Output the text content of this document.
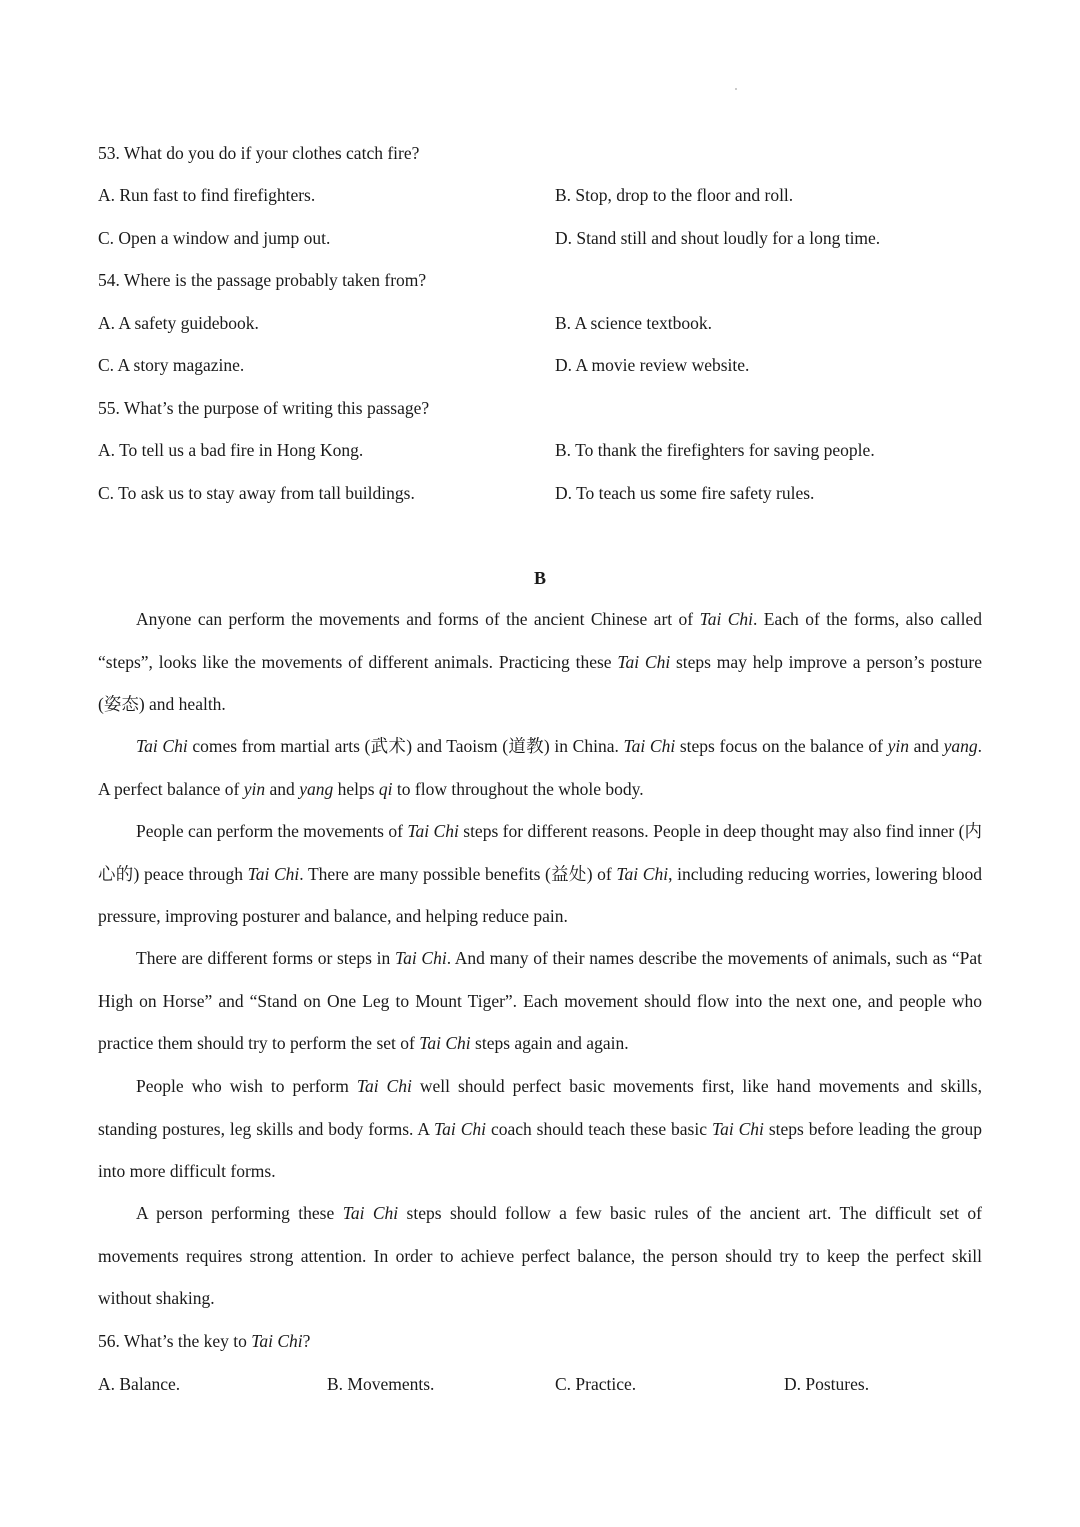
53. What do you do if your clothes catch fire?
A. Run fast to find firefighters.	B. Stop, drop to the floor and roll.
C. Open a window and jump out.	D. Stand still and shout loudly for a long time.
54. Where is the passage probably taken from?
A. A safety guidebook.	B. A science textbook.
C. A story magazine.	D. A movie review website.
55. What’s the purpose of writing this passage?
A. To tell us a bad fire in Hong Kong.	B. To thank the firefighters for saving people.
C. To ask us to stay away from tall buildings.	D. To teach us some fire safety rules.
B

Anyone can perform the movements and forms of the ancient Chinese art of Tai Chi. Each of the forms, also called “steps”, looks like the movements of different animals. Practicing these Tai Chi steps may help improve a person’s posture (姿态) and health.

Tai Chi comes from martial arts (武术) and Taoism (道教) in China. Tai Chi steps focus on the balance of yin and yang. A perfect balance of yin and yang helps qi to flow throughout the whole body.

People can perform the movements of Tai Chi steps for different reasons. People in deep thought may also find inner (内心的) peace through Tai Chi. There are many possible benefits (益处) of Tai Chi, including reducing worries, lowering blood pressure, improving posturer and balance, and helping reduce pain.

There are different forms or steps in Tai Chi. And many of their names describe the movements of animals, such as “Pat High on Horse” and “Stand on One Leg to Mount Tiger”. Each movement should flow into the next one, and people who practice them should try to perform the set of Tai Chi steps again and again.

People who wish to perform Tai Chi well should perfect basic movements first, like hand movements and skills, standing postures, leg skills and body forms. A Tai Chi coach should teach these basic Tai Chi steps before leading the group into more difficult forms.

A person performing these Tai Chi steps should follow a few basic rules of the ancient art. The difficult set of movements requires strong attention. In order to achieve perfect balance, the person should try to keep the perfect skill without shaking.

56. What’s the key to Tai Chi?
A. Balance.	B. Movements.	C. Practice.	D. Postures.
